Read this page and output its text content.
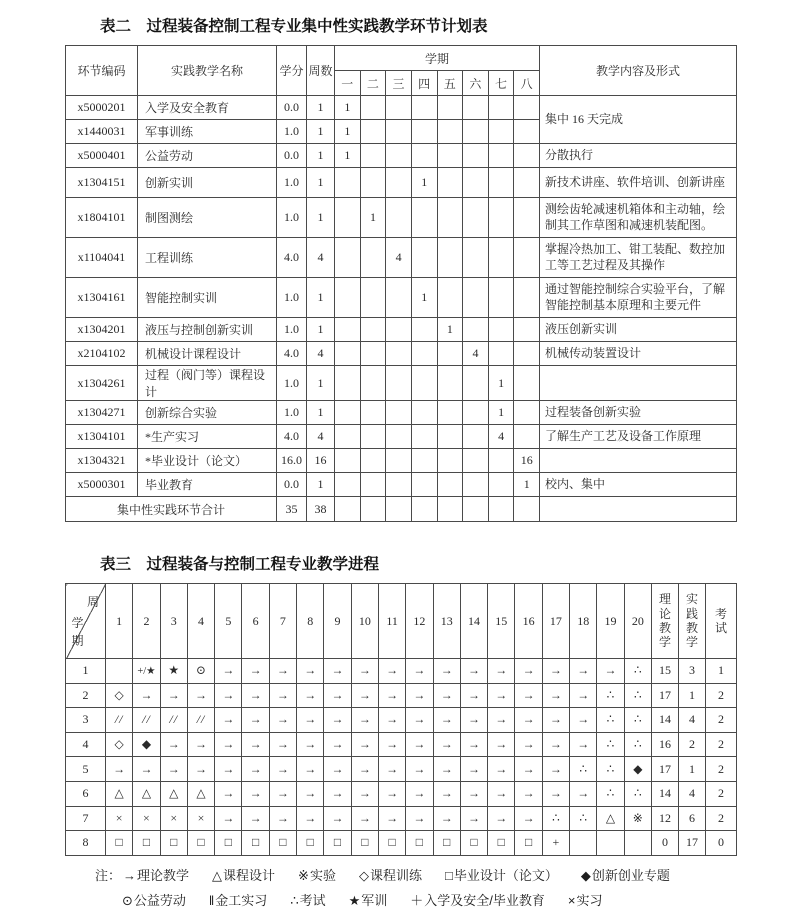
表二　过程装备控制工程专业集中性实践教学环节计划表
环节编码	实践教学名称	学分	周数	学期								教学内容及形式
				一	二	三	四	五	六	七	八	
x5000201	入学及安全教育	0.0	1	1								集中 16 天完成
x1440031	军事训练	1.0	1	1								
x5000401	公益劳动	0.0	1	1								分散执行
x1304151	创新实训	1.0	1				1					新技术讲座、软件培训、创新讲座
x1804101	制图测绘	1.0	1		1							测绘齿轮减速机箱体和主动轴，绘制其工作草图和减速机装配图。
x1104041	工程训练	4.0	4			4						掌握冷热加工、钳工装配、数控加工等工艺过程及其操作
x1304161	智能控制实训	1.0	1				1					通过智能控制综合实验平台，了解智能控制基本原理和主要元件
x1304201	液压与控制创新实训	1.0	1					1				液压创新实训
x2104102	机械设计课程设计	4.0	4						4			机械传动装置设计
x1304261	过程（阀门等）课程设计	1.0	1							1		
x1304271	创新综合实验	1.0	1							1		过程装备创新实验
x1304101	*生产实习	4.0	4							4		了解生产工艺及设备工作原理
x1304321	*毕业设计（论文）	16.0	16								16	
x5000301	毕业教育	0.0	1								1	校内、集中
集中性实践环节合计		35	38									
表三　过程装备与控制工程专业教学进程
周
学期	1	2	3	4	5	6	7	8	9	10	11	12	13	14	15	16	17	18	19	20	理论教学	实践教学	考试

1		+/★	★	⊙	→	→	→	→	→	→	→	→	→	→	→	→	→	→	→	∴	15	3	1
2	◇	→	→	→	→	→	→	→	→	→	→	→	→	→	→	→	→	→	∴	∴	17	1	2
3	//	//	//	//	→	→	→	→	→	→	→	→	→	→	→	→	→	→	∴	∴	14	4	2
4	◇	◆	→	→	→	→	→	→	→	→	→	→	→	→	→	→	→	→	∴	∴	16	2	2
5	→	→	→	→	→	→	→	→	→	→	→	→	→	→	→	→	→	∴	∴	◆	17	1	2
6	△	△	△	△	→	→	→	→	→	→	→	→	→	→	→	→	→	→	∴	∴	14	4	2
7	×	×	×	×	→	→	→	→	→	→	→	→	→	→	→	→	∴	∴	△	※	12	6	2
8	□	□	□	□	□	□	□	□	□	□	□	□	□	□	□	□	+				0	17	0
注： →理论教学 △课程设计 ※实验 ◇课程训练 □毕业设计（论文） ◆创新创业专题
⊙公益劳动 ‖金工实习 ∴考试 ★军训 ＋入学及安全/毕业教育 ×实习
